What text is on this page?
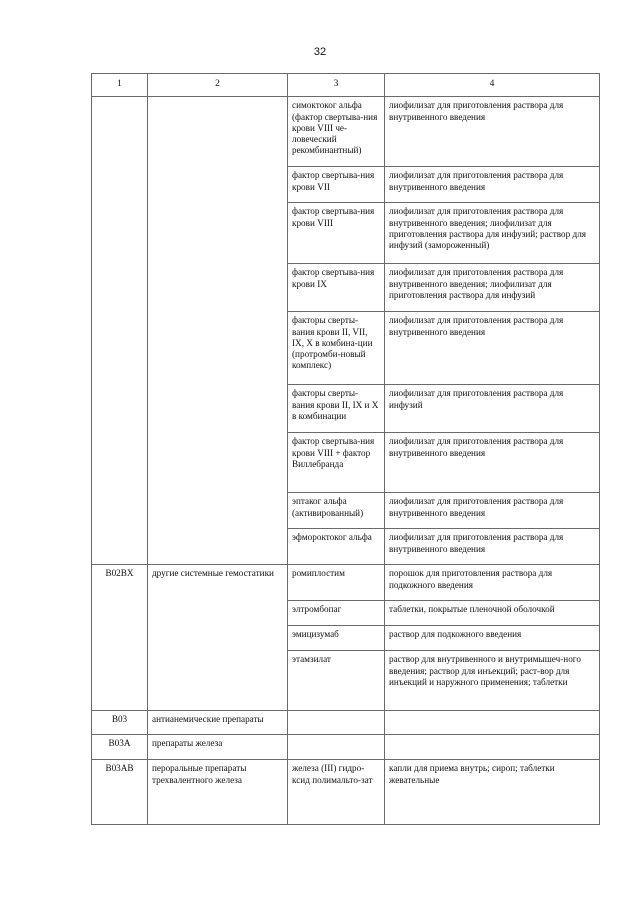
32
1	2	3	4
		симоктоког альфа (фактор свертыва-ния крови VIII че-ловеческий рекомбинантный)	лиофилизат для приготовления раствора для внутривенного введения
		фактор свертыва-ния крови VII	лиофилизат для приготовления раствора для внутривенного введения
		фактор свертыва-ния крови VIII	лиофилизат для приготовления раствора для внутривенного введения; лиофилизат для приготовления раствора для инфузий; раствор для инфузий (замороженный)
		фактор свертыва-ния крови IX	лиофилизат для приготовления раствора для внутривенного введения; лиофилизат для приготовления раствора для инфузий
		факторы сверты-вания крови II, VII, IX, X в комбина-ции (протромби-новый комплекс)	лиофилизат для приготовления раствора для внутривенного введения
		факторы сверты-вания крови II, IX и X в комбинации	лиофилизат для приготовления раствора для инфузий
		фактор свертыва-ния крови VIII + фактор Виллебранда	лиофилизат для приготовления раствора для внутривенного введения
		эптаког альфа (активированный)	лиофилизат для приготовления раствора для внутривенного введения
		эфмороктоког альфа	лиофилизат для приготовления раствора для внутривенного введения
B02BX	другие системные гемостатики	ромиплостим	порошок для приготовления раствора для подкожного введения
		элтромбопаг	таблетки, покрытые пленочной оболочкой
		эмицизумаб	раствор для подкожного введения
		этамзилат	раствор для внутривенного и внутримышеч-ного введения; раствор для инъекций; раст-вор для инъекций и наружного применения; таблетки
B03	антианемические препараты		
B03A	препараты железа		
B03AB	пероральные препараты трехвалентного железа	железа (III) гидро-ксид полимальто-зат	капли для приема внутрь; сироп; таблетки жевательные
